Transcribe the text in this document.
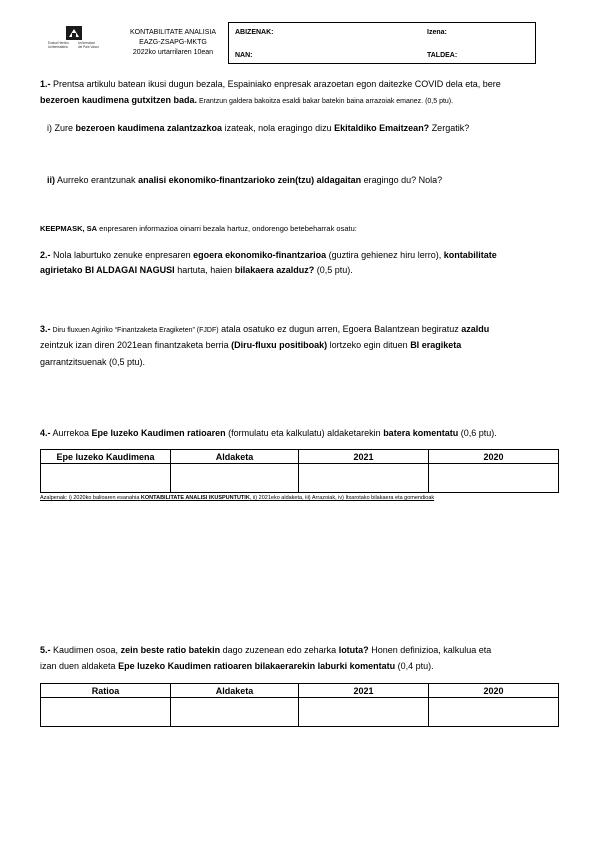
Euskal Herriko
Unibertsitatea
Universidad
del País Vasco
KONTABILITATE ANALISIA
EAZG-ZSAPG-MKTG
2022ko urtarrilaren 10ean
ABIZENAK:	Izena:
NAN:	TALDEA:
1.- Prentsa artikulu batean ikusi dugun bezala, Espainiako enpresak arazoetan egon daitezke COVID dela eta, bere
bezeroen kaudimena gutxitzen bada. Erantzun galdera bakoitza esaldi bakar batekin baina arrazoiak emanez. (0,5 ptu).
i) Zure bezeroen kaudimena zalantzazkoa izateak, nola eragingo dizu Ekitaldiko Emaitzean? Zergatik?
ii) Aurreko erantzunak analisi ekonomiko-finantzarioko zein(tzu) aldagaitan eragingo du? Nola?
KEEPMASK, SA enpresaren informazioa oinarri bezala hartuz, ondorengo betebeharrak osatu:
2.- Nola laburtuko zenuke enpresaren egoera ekonomiko-finantzarioa (guztira gehienez hiru lerro), kontabilitate
agirietako BI ALDAGAI NAGUSI hartuta, haien bilakaera azalduz? (0,5 ptu).
3.- Diru fluxuen Agiriko “Finantzaketa Eragiketen” (FJDF) atala osatuko ez dugun arren, Egoera Balantzean begiratuz azaldu
zeintzuk izan diren 2021ean finantzaketa berria (Diru-fluxu positiboak) lortzeko egin dituen BI eragiketa
garrantzitsuenak (0,5 ptu).
4.- Aurrekoa Epe luzeko Kaudimen ratioaren (formulatu eta kalkulatu) aldaketarekin batera komentatu (0,6 ptu).
Epe luzeko Kaudimena	Aldaketa	2021	2020

Azalpenak: i) 2020ko balioaren esanahia KONTABILITATE ANALISI IKUSPUNTUTIK, ii) 2021eko aldaketa, iii) Arrazoiak, iv) Itxarotako bilakaera eta gomendioak
5.- Kaudimen osoa, zein beste ratio batekin dago zuzenean edo zeharka lotuta? Honen definizioa, kalkulua eta
izan duen aldaketa Epe luzeko Kaudimen ratioaren bilakaerarekin laburki komentatu (0,4 ptu).
Ratioa	Aldaketa	2021	2020
